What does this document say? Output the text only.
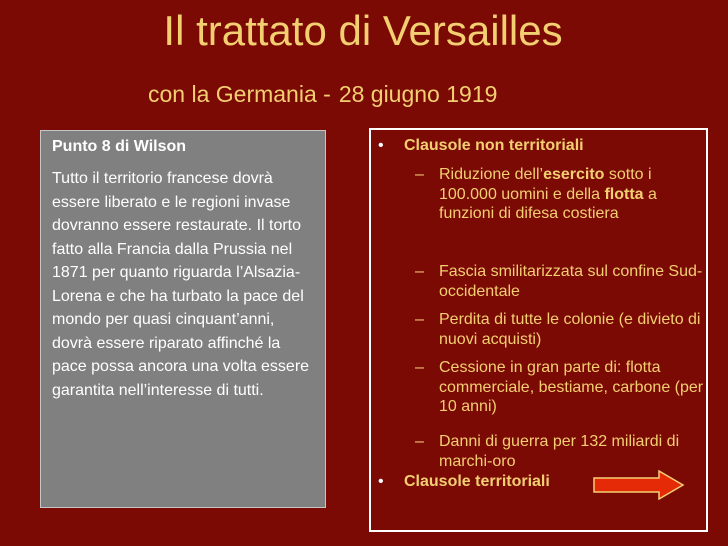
Il trattato di Versailles
con la Germania - 28 giugno 1919

Punto 8 di Wilson

Tutto il territorio francese dovrà essere liberato e le regioni invase dovranno essere restaurate. Il torto fatto alla Francia dalla Prussia nel 1871 per quanto riguarda l’Alsazia-Lorena e che ha turbato la pace del mondo per quasi cinquant’anni, dovrà essere riparato affinché la pace possa ancora una volta essere garantita nell’interesse di tutti.

• Clausole non territoriali
– Riduzione dell’esercito sotto i 100.000 uomini e della flotta a funzioni di difesa costiera
– Fascia smilitarizzata sul confine Sud-occidentale
– Perdita di tutte le colonie (e divieto di nuovi acquisti)
– Cessione in gran parte di: flotta commerciale, bestiame, carbone (per 10 anni)
– Danni di guerra per 132 miliardi di marchi-oro
• Clausole territoriali
